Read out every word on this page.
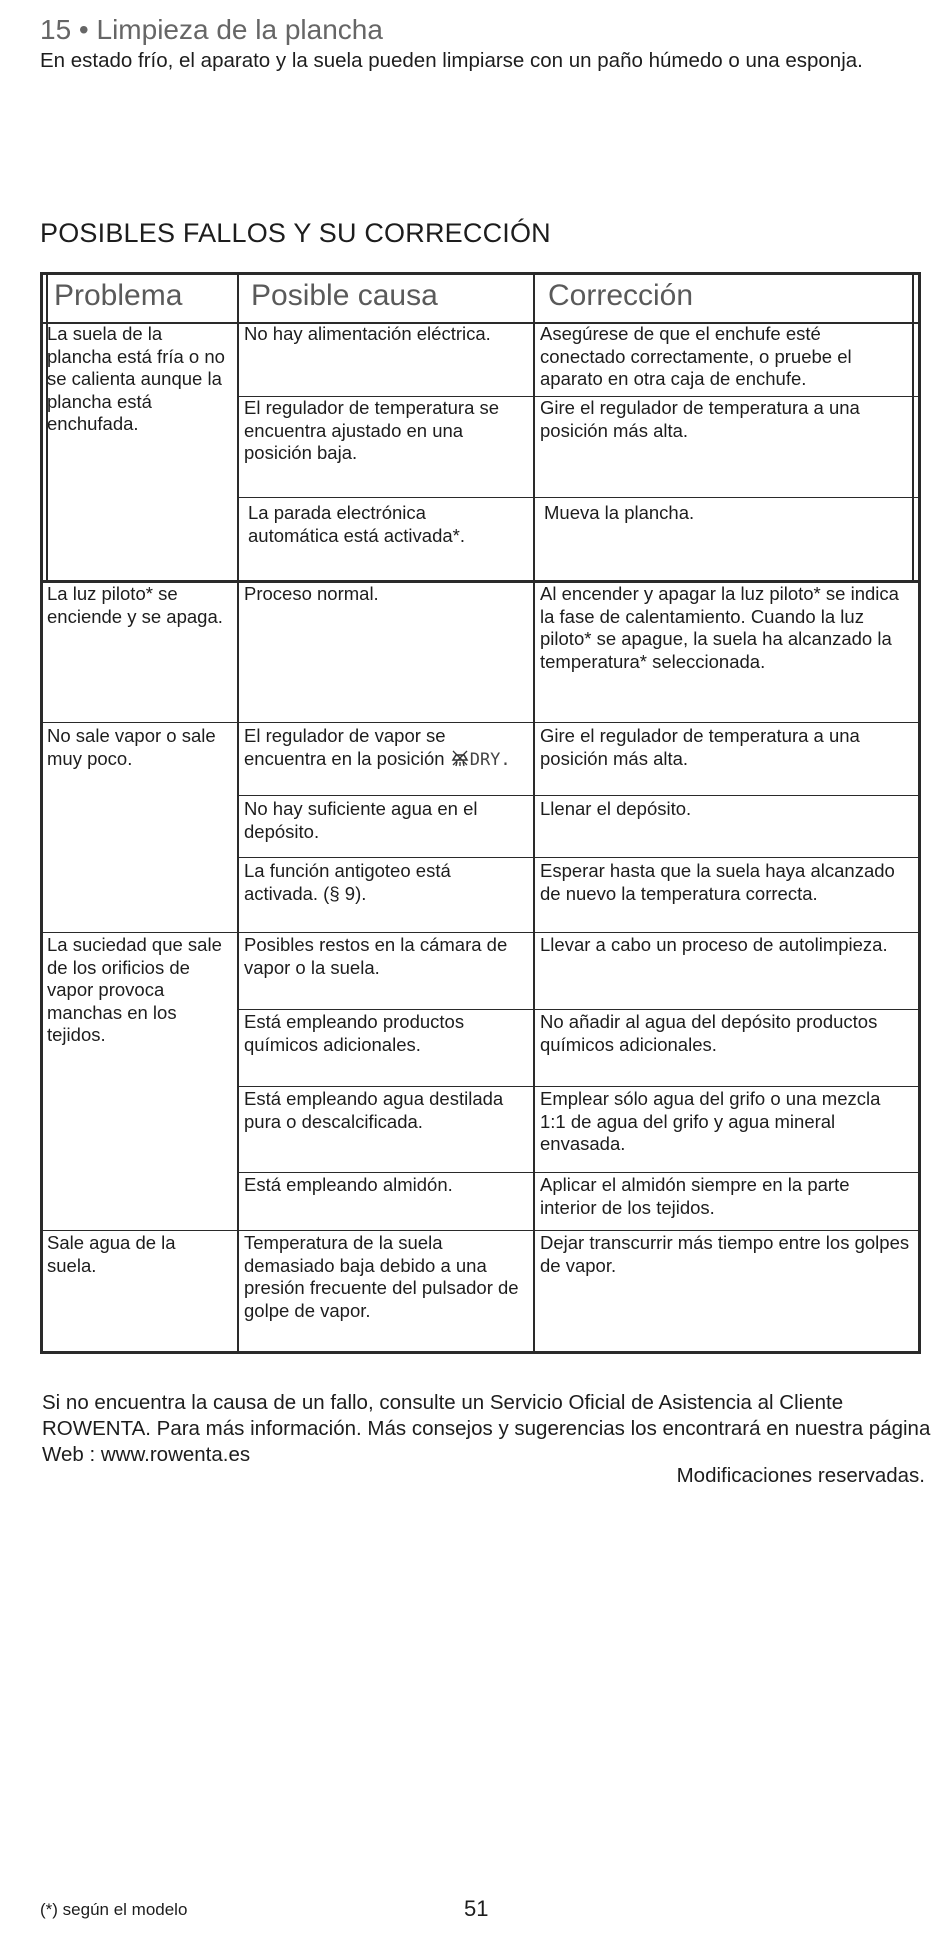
15 • Limpieza de la plancha
En estado frío, el aparato y la suela pueden limpiarse con un paño húmedo o una esponja.
POSIBLES FALLOS Y SU CORRECCIÓN
Problema Posible causa	Corrección
La suela de la plancha está fría o no se calienta aunque la plancha está enchufada.
La luz piloto* se enciende y se apaga.
No sale vapor o sale muy poco.
La suciedad que sale de los orificios de vapor provoca manchas en los tejidos.
Sale agua de la suela.
No hay alimentación eléctrica.
El regulador de temperatura se encuentra ajustado en una posición baja.
La parada electrónica automática está activada*.
Proceso normal.
El regulador de vapor se encuentra en la posición DRY.
No hay suficiente agua en el depósito.
La función antigoteo está activada. (§ 9).
Posibles restos en la cámara de vapor o la suela.
Está empleando productos químicos adicionales.
Está empleando agua destilada pura o descalcificada.
Está empleando almidón.
Temperatura de la suela demasiado baja debido a una presión frecuente del pulsador de golpe de vapor.
Asegúrese de que el enchufe esté conectado correctamente, o pruebe el aparato en otra caja de enchufe.
Gire el regulador de temperatura a una posición más alta.
Mueva la plancha.
Al encender y apagar la luz piloto* se indica la fase de calentamiento. Cuando la luz piloto* se apague, la suela ha alcanzado la temperatura* seleccionada.
Gire el regulador de temperatura a una posición más alta.
Llenar el depósito.
Esperar hasta que la suela haya alcanzado de nuevo la temperatura correcta.
Llevar a cabo un proceso de autolimpieza.
No añadir al agua del depósito productos químicos adicionales.
Emplear sólo agua del grifo o una mezcla 1:1 de agua del grifo y agua mineral envasada.
Aplicar el almidón siempre en la parte interior de los tejidos.
Dejar transcurrir más tiempo entre los golpes de vapor.
Si no encuentra la causa de un fallo, consulte un Servicio Oficial de Asistencia al Cliente ROWENTA. Para más información. Más consejos y sugerencias los encontrará en nuestra página Web : www.rowenta.es
Modificaciones reservadas.
(*) según el modelo	51
